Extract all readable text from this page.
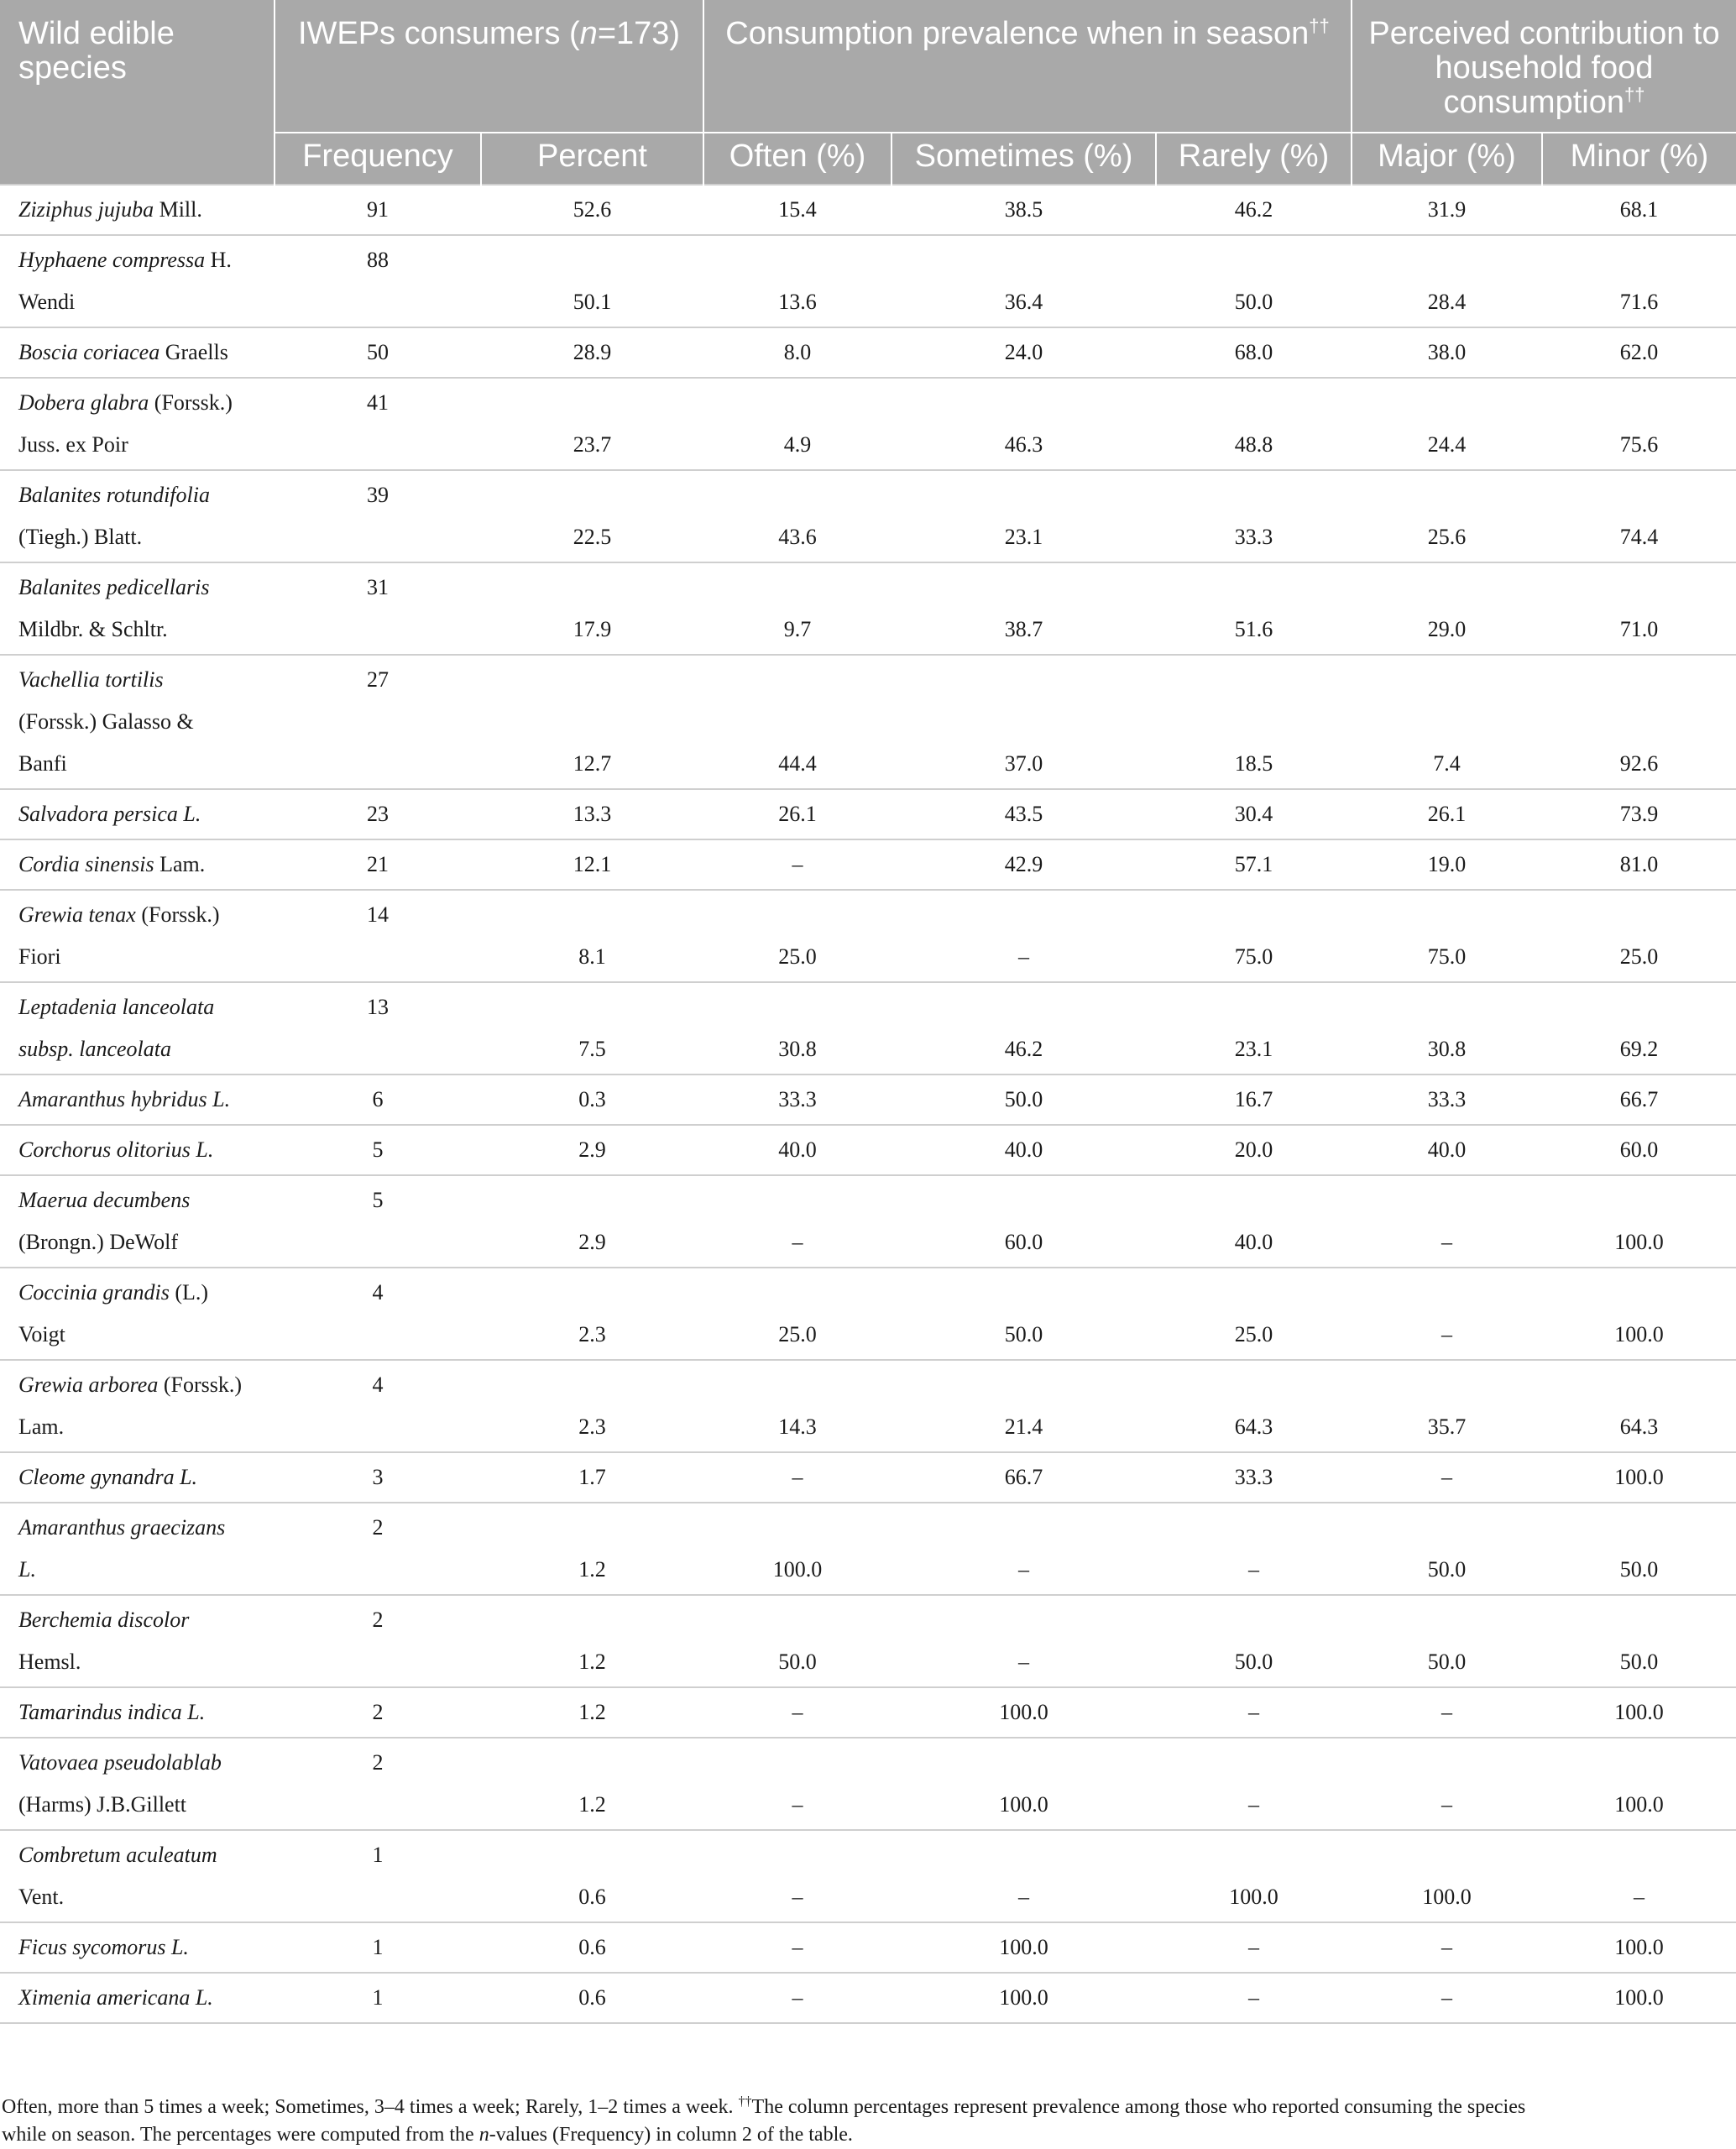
Wild edible species	IWEPs consumers (n=173)		Consumption prevalence when in season††			Perceived contribution to household food consumption††
	Frequency	Percent	Often (%)	Sometimes (%)	Rarely (%)	Major (%)	Minor (%)
Ziziphus jujuba Mill.	91	52.6	15.4	38.5	46.2	31.9	68.1
Hyphaene compressa H.
Wendi	88	50.1	13.6	36.4	50.0	28.4	71.6
Boscia coriacea Graells	50	28.9	8.0	24.0	68.0	38.0	62.0
Dobera glabra (Forssk.)
Juss. ex Poir	41	23.7	4.9	46.3	48.8	24.4	75.6
Balanites rotundifolia
(Tiegh.) Blatt.	39	22.5	43.6	23.1	33.3	25.6	74.4
Balanites pedicellaris
Mildbr. & Schltr.	31	17.9	9.7	38.7	51.6	29.0	71.0
Vachellia tortilis
(Forssk.) Galasso &
Banfi	27	12.7	44.4	37.0	18.5	7.4	92.6
Salvadora persica L.	23	13.3	26.1	43.5	30.4	26.1	73.9
Cordia sinensis Lam.	21	12.1	–	42.9	57.1	19.0	81.0
Grewia tenax (Forssk.)
Fiori	14	8.1	25.0	–	75.0	75.0	25.0
Leptadenia lanceolata
subsp. lanceolata	13	7.5	30.8	46.2	23.1	30.8	69.2
Amaranthus hybridus L.	6	0.3	33.3	50.0	16.7	33.3	66.7
Corchorus olitorius L.	5	2.9	40.0	40.0	20.0	40.0	60.0
Maerua decumbens
(Brongn.) DeWolf	5	2.9	–	60.0	40.0	–	100.0
Coccinia grandis (L.)
Voigt	4	2.3	25.0	50.0	25.0	–	100.0
Grewia arborea (Forssk.)
Lam.	4	2.3	14.3	21.4	64.3	35.7	64.3
Cleome gynandra L.	3	1.7	–	66.7	33.3	–	100.0
Amaranthus graecizans
L.	2	1.2	100.0	–	–	50.0	50.0
Berchemia discolor
Hemsl.	2	1.2	50.0	–	50.0	50.0	50.0
Tamarindus indica L.	2	1.2	–	100.0	–	–	100.0
Vatovaea pseudolablab
(Harms) J.B.Gillett	2	1.2	–	100.0	–	–	100.0
Combretum aculeatum
Vent.	1	0.6	–	–	100.0	100.0	–
Ficus sycomorus L.	1	0.6	–	100.0	–	–	100.0
Ximenia americana L.	1	0.6	–	100.0	–	–	100.0

Often, more than 5 times a week; Sometimes, 3–4 times a week; Rarely, 1–2 times a week. ††The column percentages represent prevalence among those who reported consuming the species

while on season. The percentages were computed from the n-values (Frequency) in column 2 of the table.
